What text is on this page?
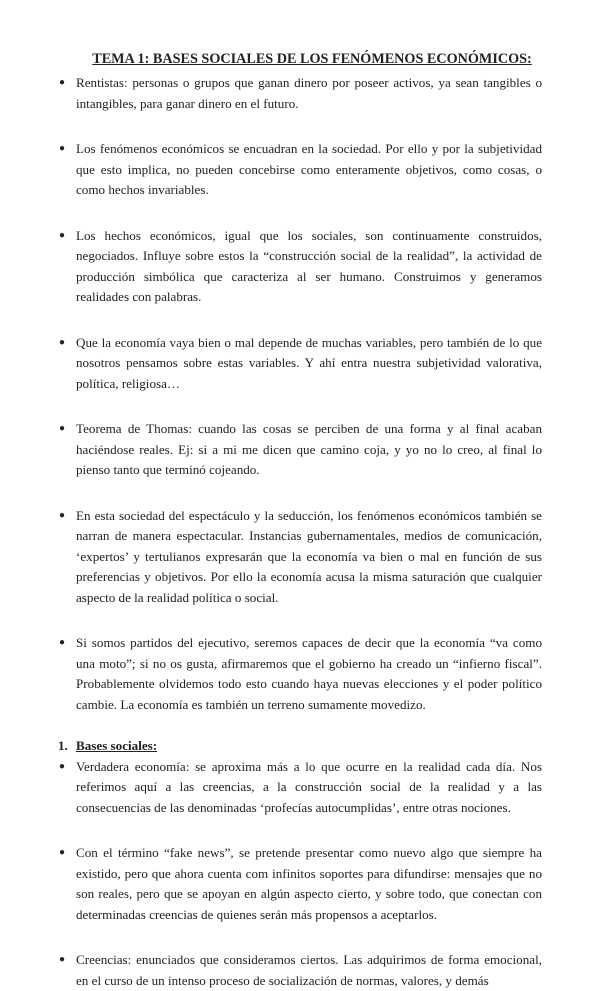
TEMA 1: BASES SOCIALES DE LOS FENÓMENOS ECONÓMICOS:
● Rentistas: personas o grupos que ganan dinero por poseer activos, ya sean tangibles o intangibles, para ganar dinero en el futuro.
● Los fenómenos económicos se encuadran en la sociedad. Por ello y por la subjetividad que esto implica, no pueden concebirse como enteramente objetivos, como cosas, o como hechos invariables.
● Los hechos económicos, igual que los sociales, son continuamente construidos, negociados. Influye sobre estos la “construcción social de la realidad”, la actividad de producción simbólica que caracteriza al ser humano. Construimos y generamos realidades con palabras.
● Que la economía vaya bien o mal depende de muchas variables, pero también de lo que nosotros pensamos sobre estas variables. Y ahí entra nuestra subjetividad valorativa, política, religiosa…
● Teorema de Thomas: cuando las cosas se perciben de una forma y al final acaban haciéndose reales. Ej: si a mi me dicen que camino coja, y yo no lo creo, al final lo pienso tanto que terminó cojeando.
● En esta sociedad del espectáculo y la seducción, los fenómenos económicos también se narran de manera espectacular. Instancias gubernamentales, medios de comunicación, ‘expertos’ y tertulianos expresarán que la economía va bien o mal en función de sus preferencias y objetivos. Por ello la economía acusa la misma saturación que cualquier aspecto de la realidad política o social.
● Si somos partidos del ejecutivo, seremos capaces de decir que la economía “va como una moto”; si no os gusta, afirmaremos que el gobierno ha creado un “infierno fiscal”. Probablemente olvidemos todo esto cuando haya nuevas elecciones y el poder político cambie. La economía es también un terreno sumamente movedizo.
1. Bases sociales:
● Verdadera economía: se aproxima más a lo que ocurre en la realidad cada día. Nos referimos aquí a las creencias, a la construcción social de la realidad y a las consecuencias de las denominadas ‘profecías autocumplidas’, entre otras nociones.
● Con el término “fake news”, se pretende presentar como nuevo algo que siempre ha existido, pero que ahora cuenta com infinitos soportes para difundirse: mensajes que no son reales, pero que se apoyan en algún aspecto cierto, y sobre todo, que conectan con determinadas creencias de quienes serán más propensos a aceptarlos.
● Creencias: enunciados que consideramos ciertos. Las adquirimos de forma emocional, en el curso de un intenso proceso de socialización de normas, valores, y demás
